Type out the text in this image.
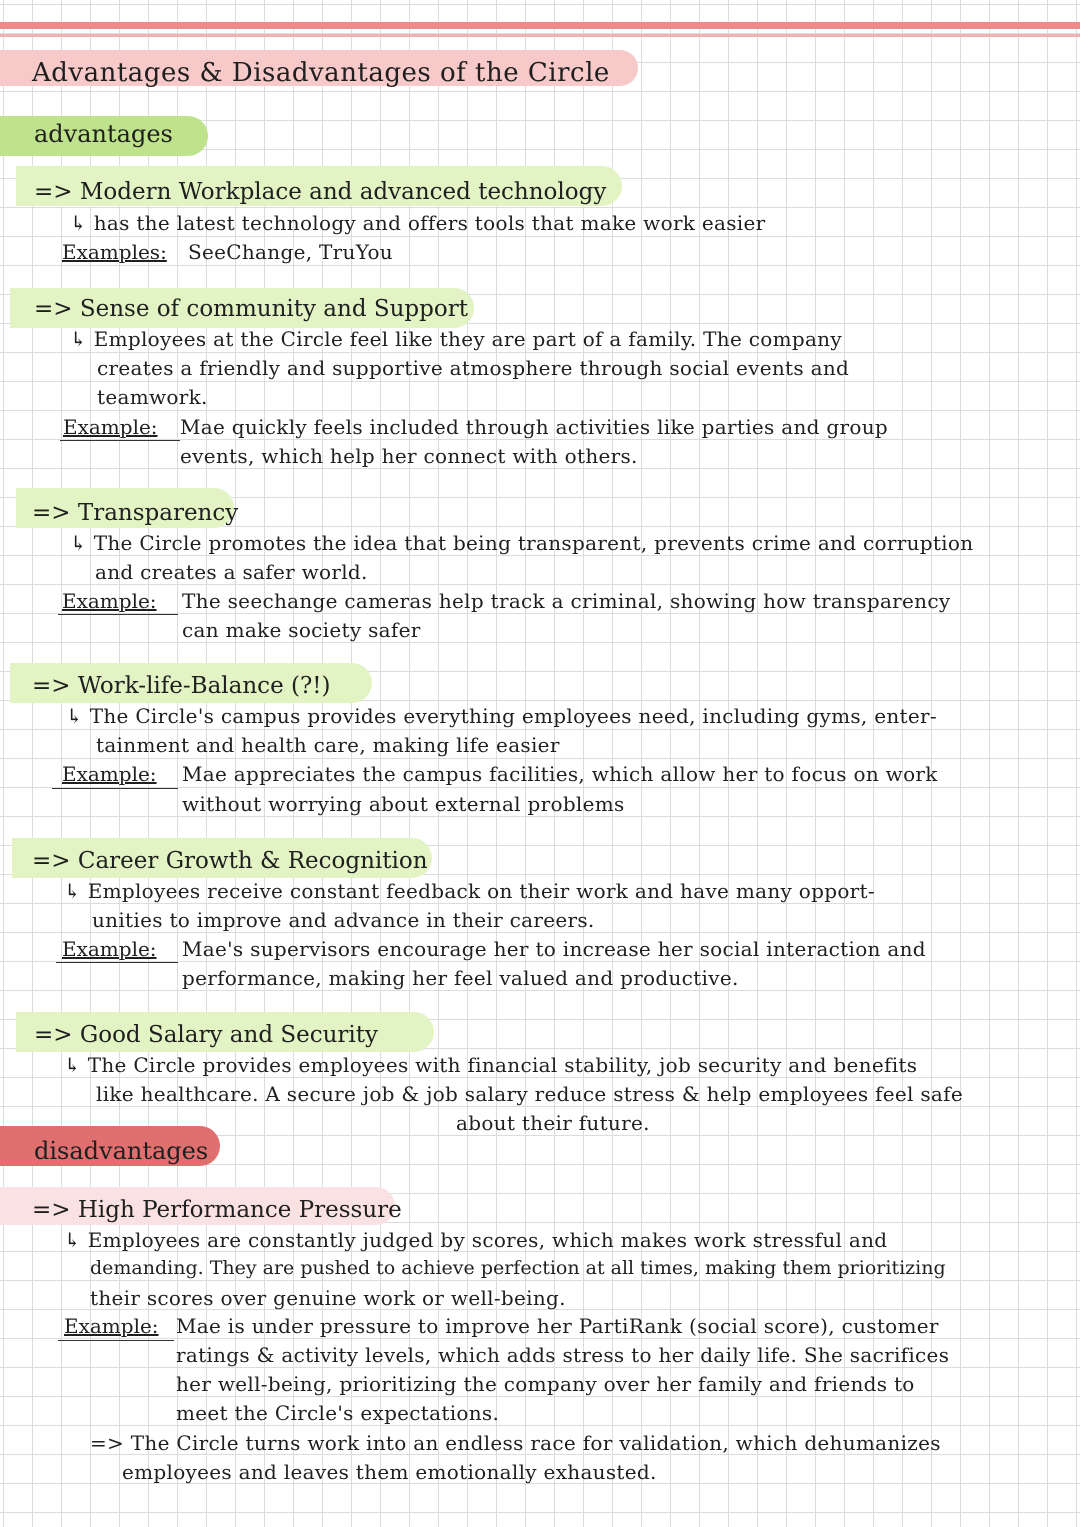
Advantages & Disadvantages of the Circle
advantages
=> Modern Workplace and advanced technology
↳ has the latest technology and offers tools that make work easier
Examples: SeeChange, TruYou
=> Sense of community and Support
↳ Employees at the Circle feel like they are part of a family. The company
creates a friendly and supportive atmosphere through social events and
teamwork.
Example: Mae quickly feels included through activities like parties and group
events, which help her connect with others.
=> Transparency
↳ The Circle promotes the idea that being transparent, prevents crime and corruption
and creates a safer world.
Example: The seechange cameras help track a criminal, showing how transparency
can make society safer
=> Work-life-Balance (?!)
↳ The Circle's campus provides everything employees need, including gyms, enter-
tainment and health care, making life easier
Example: Mae appreciates the campus facilities, which allow her to focus on work
without worrying about external problems
=> Career Growth & Recognition
↳ Employees receive constant feedback on their work and have many opport-
unities to improve and advance in their careers.
Example: Mae's supervisors encourage her to increase her social interaction and
performance, making her feel valued and productive.
=> Good Salary and Security
↳ The Circle provides employees with financial stability, job security and benefits
like healthcare. A secure job & job salary reduce stress & help employees feel safe
about their future.
disadvantages
=> High Performance Pressure
↳ Employees are constantly judged by scores, which makes work stressful and
demanding. They are pushed to achieve perfection at all times, making them prioritizing
their scores over genuine work or well-being.
Example: Mae is under pressure to improve her PartiRank (social score), customer
ratings & activity levels, which adds stress to her daily life. She sacrifices
her well-being, prioritizing the company over her family and friends to
meet the Circle's expectations.
=> The Circle turns work into an endless race for validation, which dehumanizes
employees and leaves them emotionally exhausted.
